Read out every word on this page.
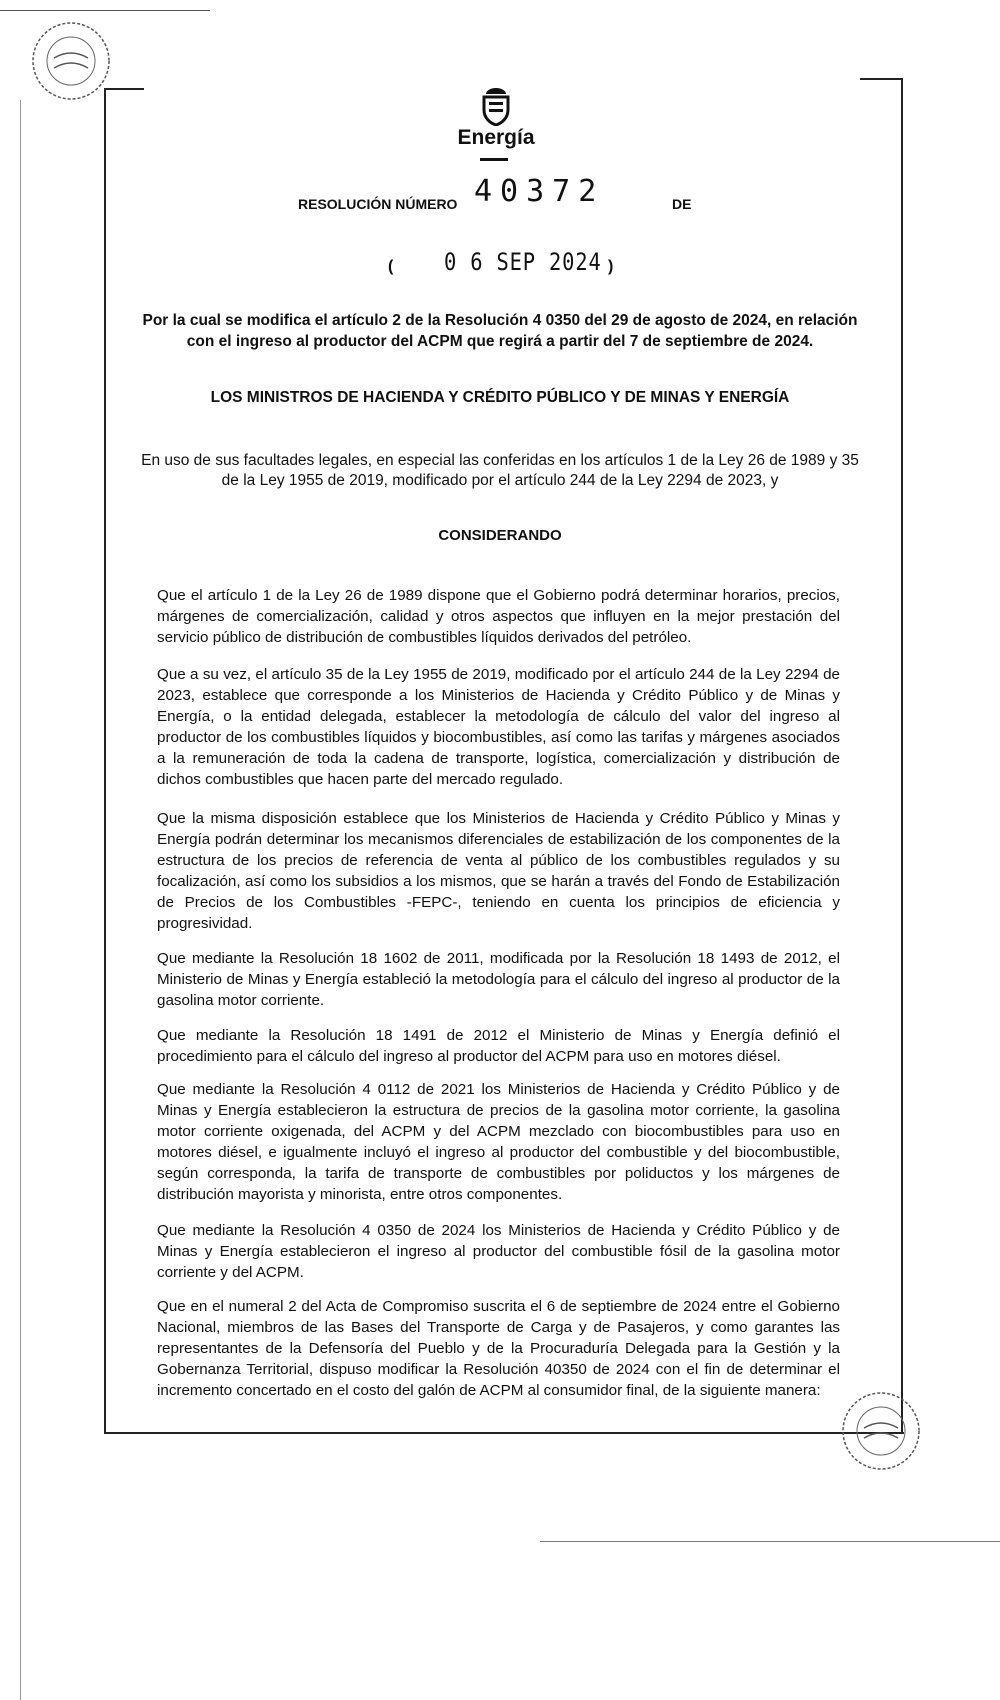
Energía
RESOLUCIÓN NÚMERO 40372	DE
( 0 6 SEP 2024 )
Por la cual se modifica el artículo 2 de la Resolución 4 0350 del 29 de agosto de 2024, en relación con el ingreso al productor del ACPM que regirá a partir del 7 de septiembre de 2024.
LOS MINISTROS DE HACIENDA Y CRÉDITO PÚBLICO Y DE MINAS Y ENERGÍA
En uso de sus facultades legales, en especial las conferidas en los artículos 1 de la Ley 26 de 1989 y 35 de la Ley 1955 de 2019, modificado por el artículo 244 de la Ley 2294 de 2023, y
CONSIDERANDO

Que el artículo 1 de la Ley 26 de 1989 dispone que el Gobierno podrá determinar horarios, precios, márgenes de comercialización, calidad y otros aspectos que influyen en la mejor prestación del servicio público de distribución de combustibles líquidos derivados del petróleo.

Que a su vez, el artículo 35 de la Ley 1955 de 2019, modificado por el artículo 244 de la Ley 2294 de 2023, establece que corresponde a los Ministerios de Hacienda y Crédito Público y de Minas y Energía, o la entidad delegada, establecer la metodología de cálculo del valor del ingreso al productor de los combustibles líquidos y biocombustibles, así como las tarifas y márgenes asociados a la remuneración de toda la cadena de transporte, logística, comercialización y distribución de dichos combustibles que hacen parte del mercado regulado.

Que la misma disposición establece que los Ministerios de Hacienda y Crédito Público y Minas y Energía podrán determinar los mecanismos diferenciales de estabilización de los componentes de la estructura de los precios de referencia de venta al público de los combustibles regulados y su focalización, así como los subsidios a los mismos, que se harán a través del Fondo de Estabilización de Precios de los Combustibles -FEPC-, teniendo en cuenta los principios de eficiencia y progresividad.

Que mediante la Resolución 18 1602 de 2011, modificada por la Resolución 18 1493 de 2012, el Ministerio de Minas y Energía estableció la metodología para el cálculo del ingreso al productor de la gasolina motor corriente.

Que mediante la Resolución 18 1491 de 2012 el Ministerio de Minas y Energía definió el procedimiento para el cálculo del ingreso al productor del ACPM para uso en motores diésel.

Que mediante la Resolución 4 0112 de 2021 los Ministerios de Hacienda y Crédito Público y de Minas y Energía establecieron la estructura de precios de la gasolina motor corriente, la gasolina motor corriente oxigenada, del ACPM y del ACPM mezclado con biocombustibles para uso en motores diésel, e igualmente incluyó el ingreso al productor del combustible y del biocombustible, según corresponda, la tarifa de transporte de combustibles por poliductos y los márgenes de distribución mayorista y minorista, entre otros componentes.

Que mediante la Resolución 4 0350 de 2024 los Ministerios de Hacienda y Crédito Público y de Minas y Energía establecieron el ingreso al productor del combustible fósil de la gasolina motor corriente y del ACPM.

Que en el numeral 2 del Acta de Compromiso suscrita el 6 de septiembre de 2024 entre el Gobierno Nacional, miembros de las Bases del Transporte de Carga y de Pasajeros, y como garantes las representantes de la Defensoría del Pueblo y de la Procuraduría Delegada para la Gestión y la Gobernanza Territorial, dispuso modificar la Resolución 40350 de 2024 con el fin de determinar el incremento concertado en el costo del galón de ACPM al consumidor final, de la siguiente manera:
